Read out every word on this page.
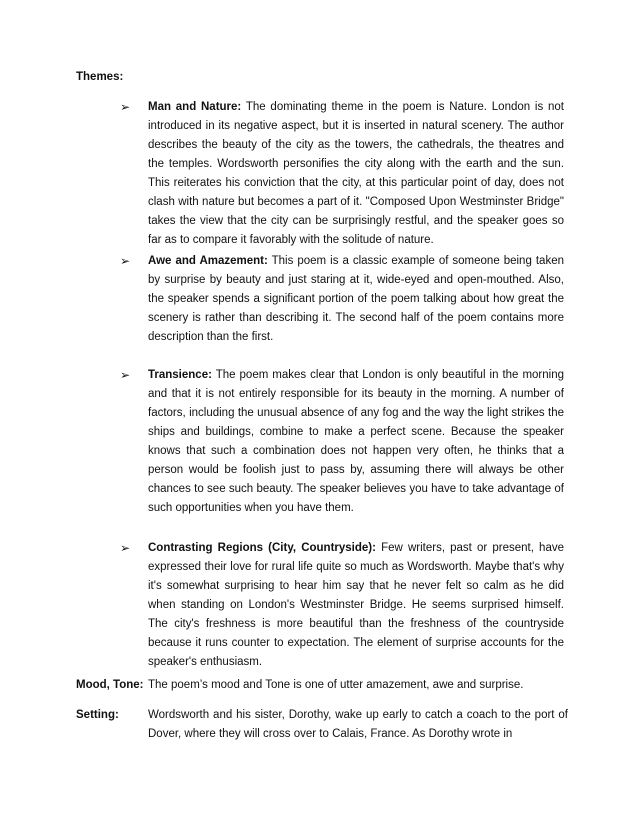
Themes:
➢	Man and Nature: The dominating theme in the poem is Nature. London is not introduced in its negative aspect, but it is inserted in natural scenery. The author describes the beauty of the city as the towers, the cathedrals, the theatres and the temples. Wordsworth personifies the city along with the earth and the sun. This reiterates his conviction that the city, at this particular point of day, does not clash with nature but becomes a part of it. "Composed Upon Westminster Bridge" takes the view that the city can be surprisingly restful, and the speaker goes so far as to compare it favorably with the solitude of nature.
➢	Awe and Amazement: This poem is a classic example of someone being taken by surprise by beauty and just staring at it, wide-eyed and open-mouthed. Also, the speaker spends a significant portion of the poem talking about how great the scenery is rather than describing it. The second half of the poem contains more description than the first.
➢	Transience: The poem makes clear that London is only beautiful in the morning and that it is not entirely responsible for its beauty in the morning. A number of factors, including the unusual absence of any fog and the way the light strikes the ships and buildings, combine to make a perfect scene. Because the speaker knows that such a combination does not happen very often, he thinks that a person would be foolish just to pass by, assuming there will always be other chances to see such beauty. The speaker believes you have to take advantage of such opportunities when you have them.
➢	Contrasting Regions (City, Countryside): Few writers, past or present, have expressed their love for rural life quite so much as Wordsworth. Maybe that's why it's somewhat surprising to hear him say that he never felt so calm as he did when standing on London's Westminster Bridge. He seems surprised himself. The city's freshness is more beautiful than the freshness of the countryside because it runs counter to expectation. The element of surprise accounts for the speaker's enthusiasm.
Mood, Tone: The poem’s mood and Tone is one of utter amazement, awe and surprise.
Setting:	Wordsworth and his sister, Dorothy, wake up early to catch a coach to the port of Dover, where they will cross over to Calais, France. As Dorothy wrote in
